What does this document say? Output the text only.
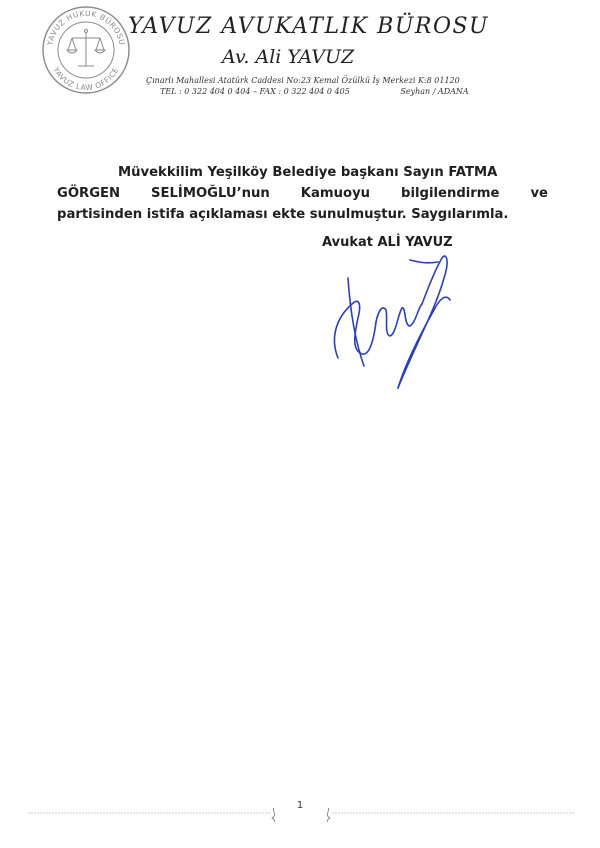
YAVUZ HUKUK BÜROSU
YAVUZ LAW OFFICE
YAVUZ AVUKATLIK BÜROSU
Av. Ali YAVUZ
Çınarlı Mahallesi Atatürk Caddesi No:23 Kemal Özülkü İş Merkezi K:8 01120
TEL : 0 322 404 0 404 – FAX : 0 322 404 0 405	Seyhan / ADANA
Müvekkilim Yeşilköy Belediye başkanı Sayın FATMA
GÖRGEN SELİMOĞLU’nun Kamuoyu bilgilendirme ve
partisinden istifa açıklaması ekte sunulmuştur. Saygılarımla.
Avukat ALİ YAVUZ
1
